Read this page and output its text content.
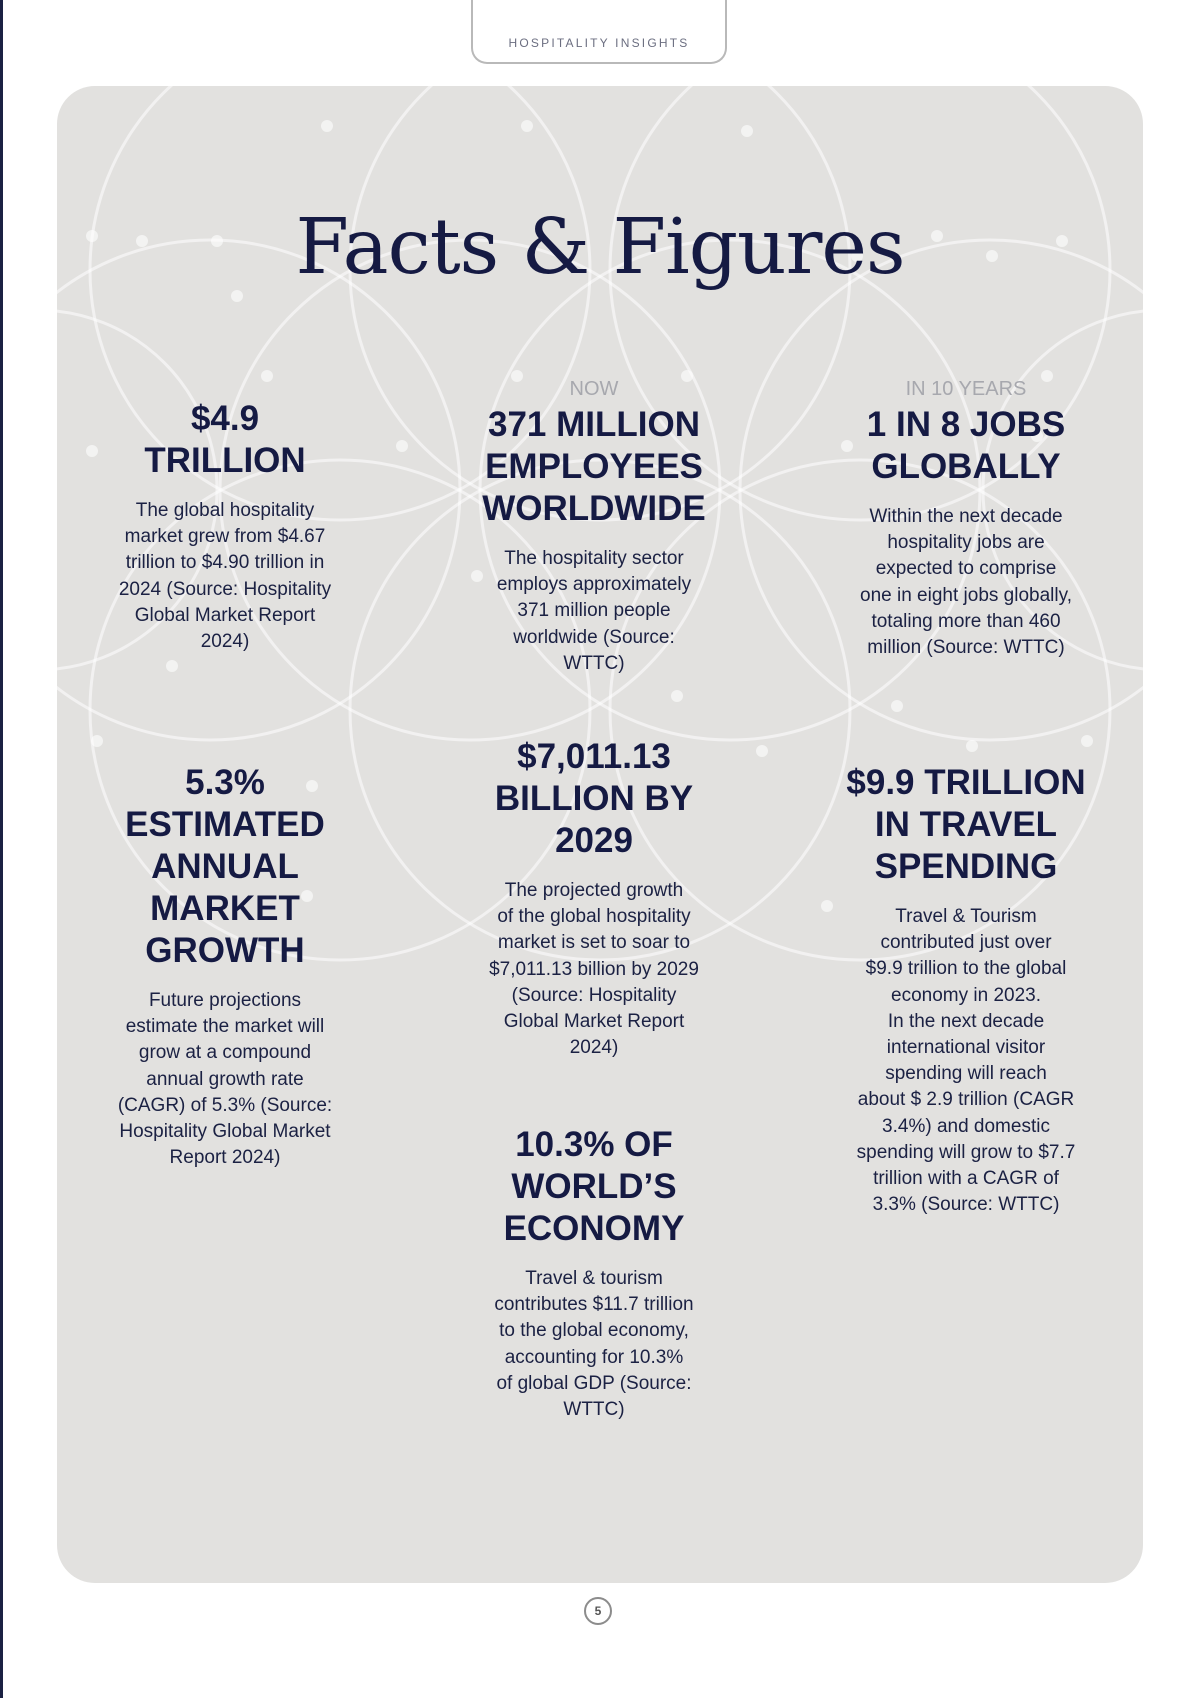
HOSPITALITY INSIGHTS
Facts & Figures

$4.9
TRILLION

The global hospitality
market grew from $4.67
trillion to $4.90 trillion in
2024 (Source: Hospitality
Global Market Report
2024)

NOW

371 MILLION
EMPLOYEES
WORLDWIDE

The hospitality sector
employs approximately
371 million people
worldwide (Source:
WTTC)

IN 10 YEARS

1 IN 8 JOBS
GLOBALLY

Within the next decade
hospitality jobs are
expected to comprise
one in eight jobs globally,
totaling more than 460
million (Source: WTTC)

5.3%
ESTIMATED
ANNUAL
MARKET
GROWTH

Future projections
estimate the market will
grow at a compound
annual growth rate
(CAGR) of 5.3% (Source:
Hospitality Global Market
Report 2024)

$7,011.13
BILLION BY
2029

The projected growth
of the global hospitality
market is set to soar to
$7,011.13 billion by 2029
(Source: Hospitality
Global Market Report
2024)

$9.9 TRILLION
IN TRAVEL
SPENDING

Travel & Tourism
contributed just over
$9.9 trillion to the global
economy in 2023.
In the next decade
international visitor
spending will reach
about $ 2.9 trillion (CAGR
3.4%) and domestic
spending will grow to $7.7
trillion with a CAGR of
3.3% (Source: WTTC)

10.3% OF
WORLD’S
ECONOMY

Travel & tourism
contributes $11.7 trillion
to the global economy,
accounting for 10.3%
of global GDP (Source:
WTTC)

5
